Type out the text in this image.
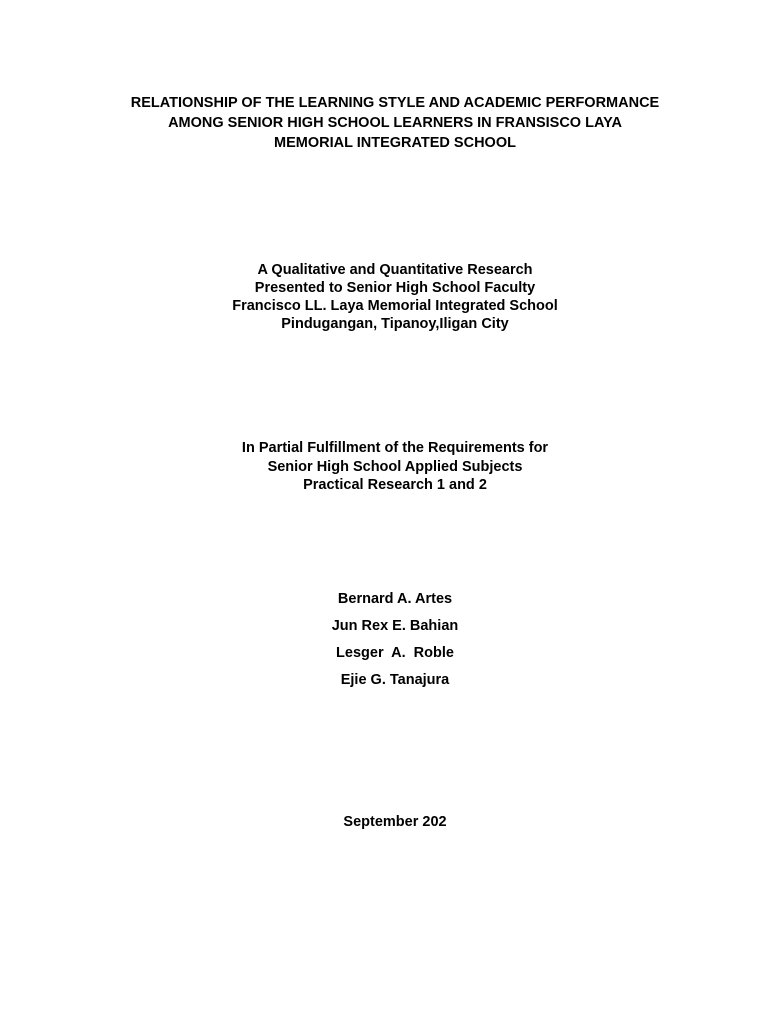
RELATIONSHIP OF THE LEARNING STYLE AND ACADEMIC PERFORMANCE
AMONG SENIOR HIGH SCHOOL LEARNERS IN FRANSISCO LAYA
MEMORIAL INTEGRATED SCHOOL
A Qualitative and Quantitative Research
Presented to Senior High School Faculty
Francisco LL. Laya Memorial Integrated School
Pindugangan, Tipanoy,Iligan City
In Partial Fulfillment of the Requirements for
Senior High School Applied Subjects
Practical Research 1 and 2
Bernard A. Artes
Jun Rex E. Bahian
Lesger  A.  Roble
Ejie G. Tanajura
September 202
